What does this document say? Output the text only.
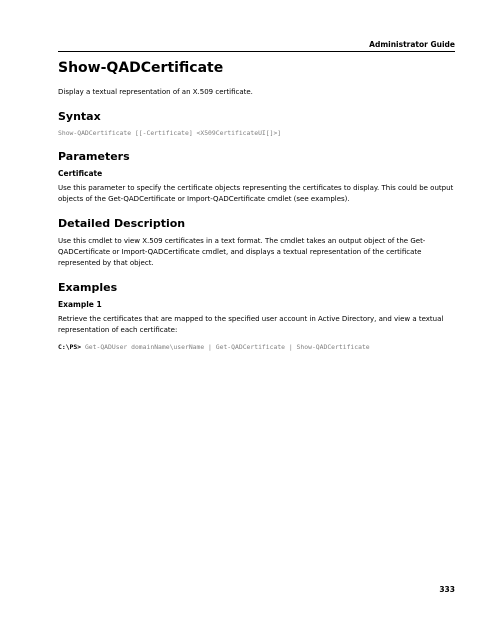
Administrator Guide
Show-QADCertificate

Display a textual representation of an X.509 certificate.

Syntax

Show-QADCertificate [[-Certificate] <X509CertificateUI[]>]

Parameters
Certificate

Use this parameter to specify the certificate objects representing the certificates to display. This could be output objects of the Get-QADCertificate or Import-QADCertificate cmdlet (see examples).

Detailed Description

Use this cmdlet to view X.509 certificates in a text format. The cmdlet takes an output object of the Get-QADCertificate or Import-QADCertificate cmdlet, and displays a textual representation of the certificate represented by that object.

Examples
Example 1

Retrieve the certificates that are mapped to the specified user account in Active Directory, and view a textual representation of each certificate:

C:\PS> Get-QADUser domainName\userName | Get-QADCertificate | Show-QADCertificate

333
